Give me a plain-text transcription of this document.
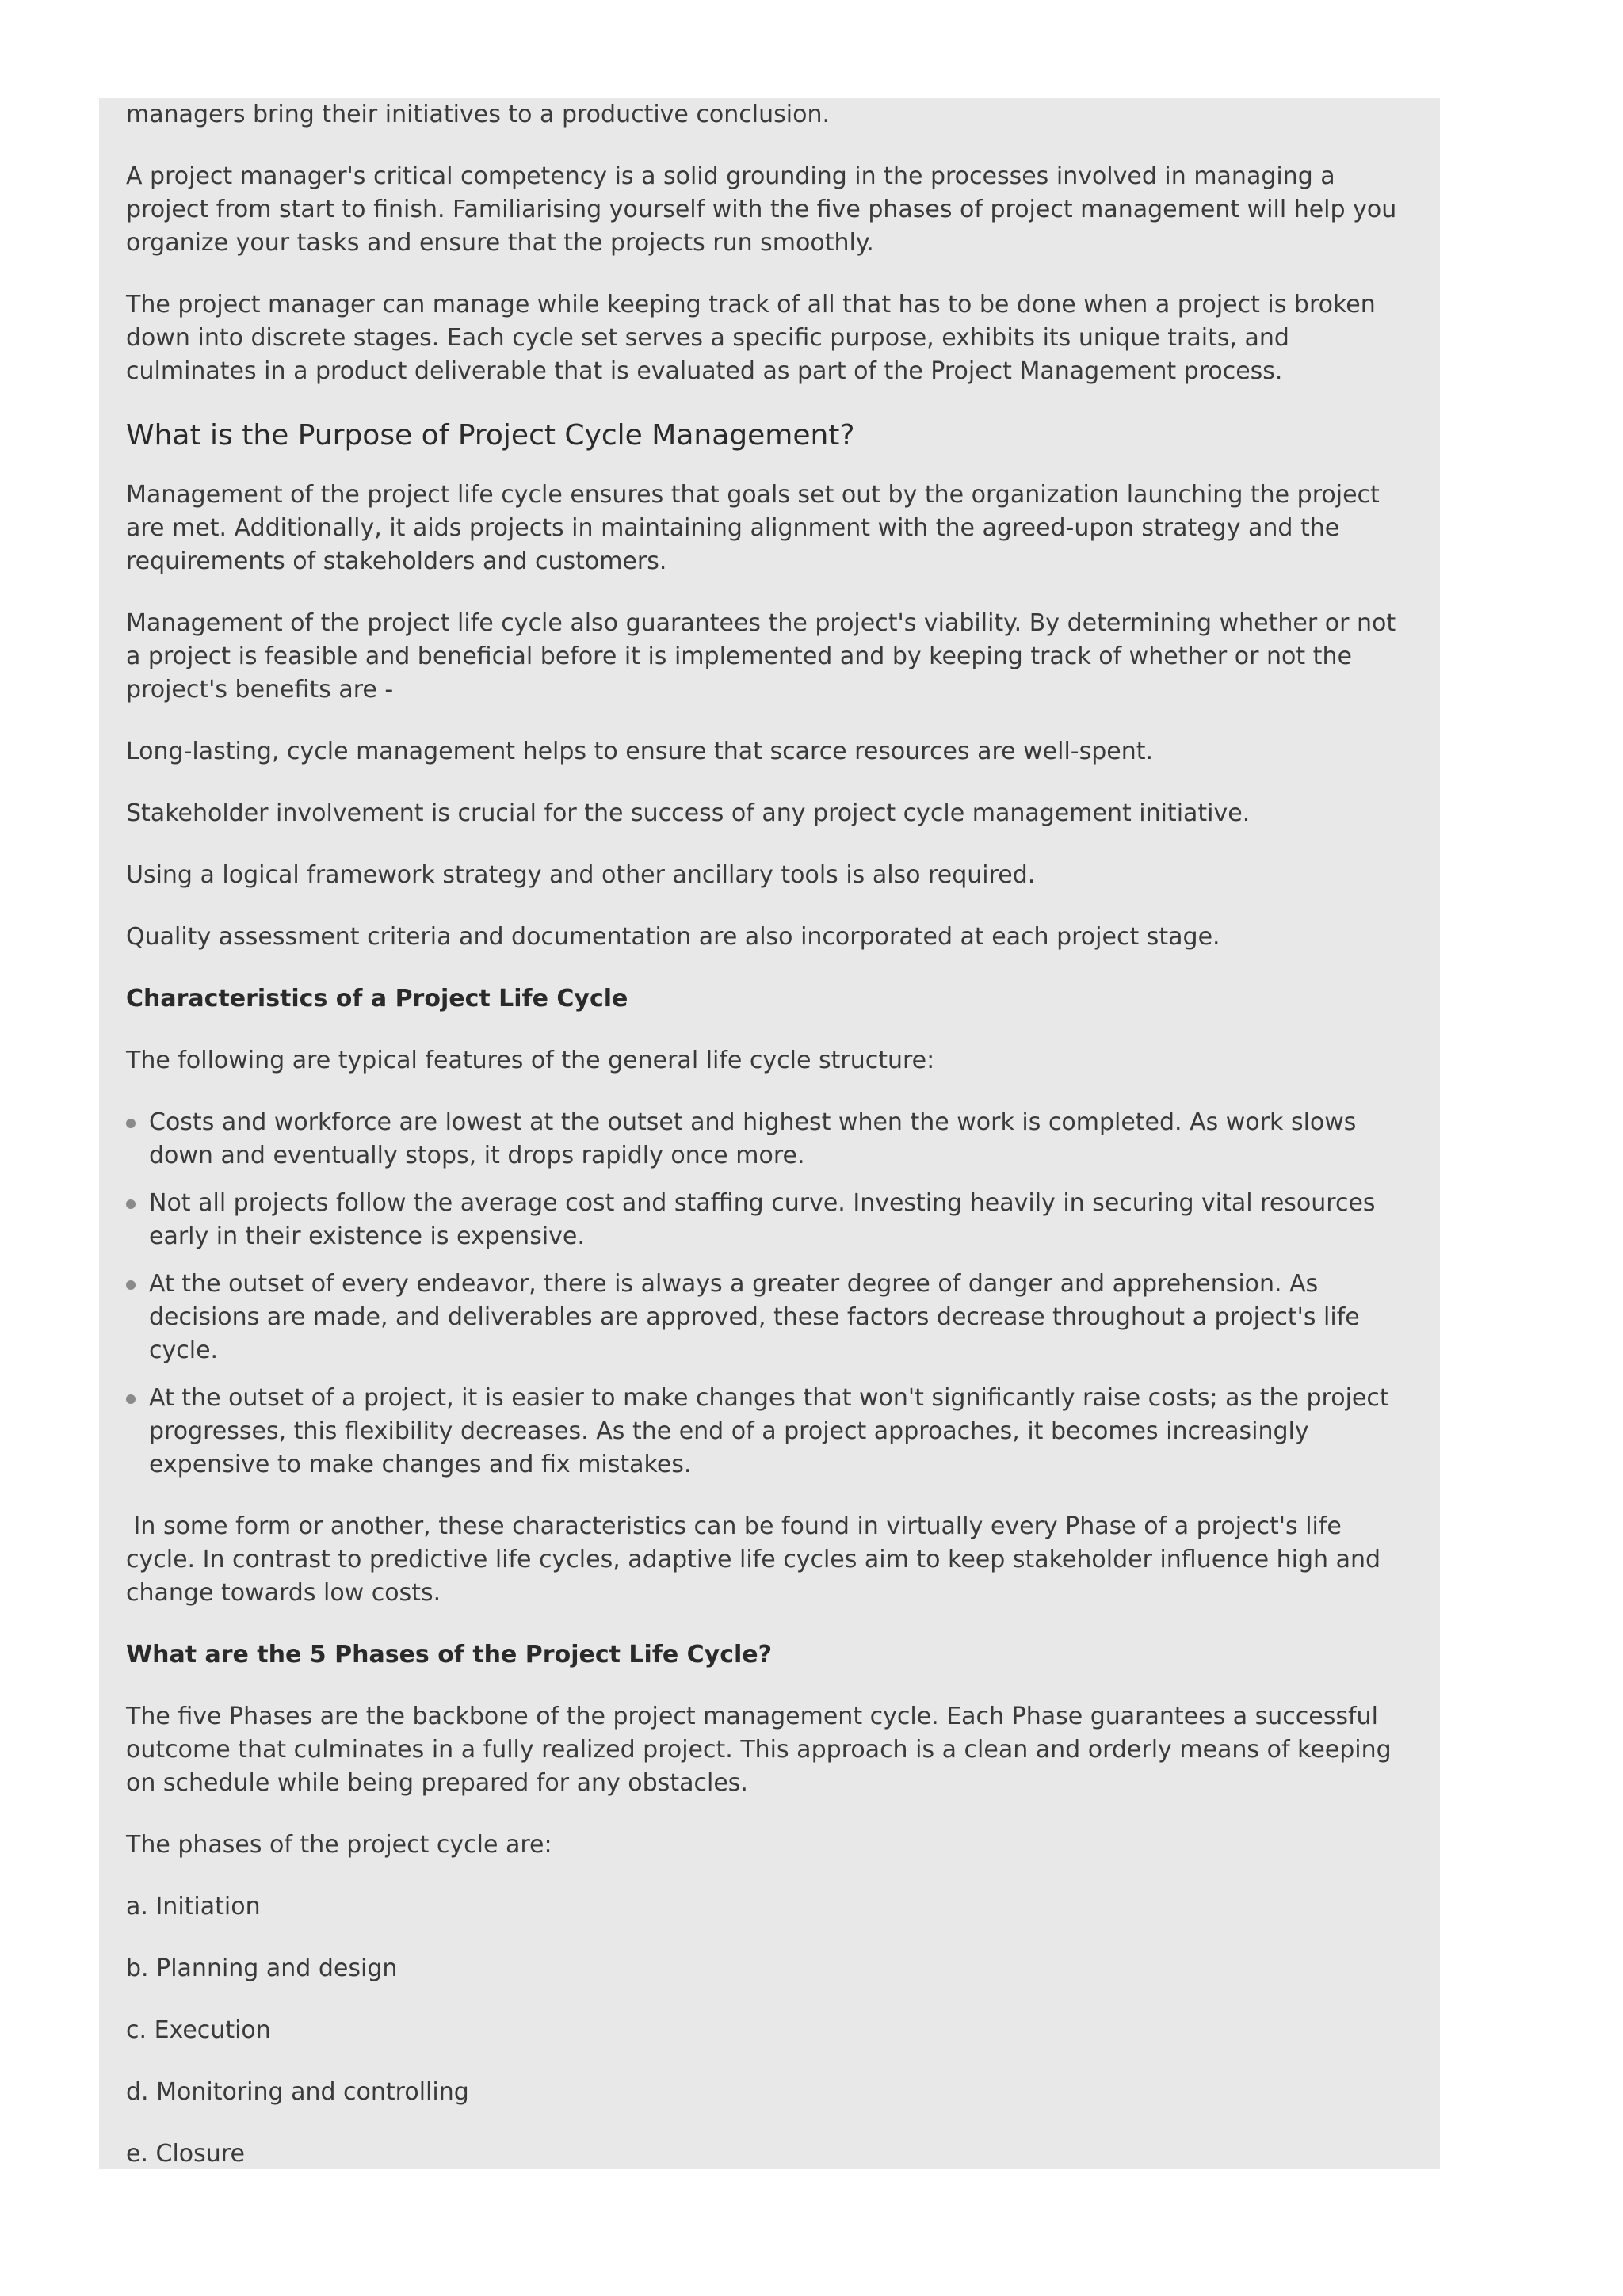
managers bring their initiatives to a productive conclusion.

A project manager's critical competency is a solid grounding in the processes involved in managing a project from start to finish. Familiarising yourself with the five phases of project management will help you organize your tasks and ensure that the projects run smoothly.

The project manager can manage while keeping track of all that has to be done when a project is broken down into discrete stages. Each cycle set serves a specific purpose, exhibits its unique traits, and culminates in a product deliverable that is evaluated as part of the Project Management process.

What is the Purpose of Project Cycle Management?

Management of the project life cycle ensures that goals set out by the organization launching the project are met. Additionally, it aids projects in maintaining alignment with the agreed-upon strategy and the requirements of stakeholders and customers.

Management of the project life cycle also guarantees the project's viability. By determining whether or not a project is feasible and beneficial before it is implemented and by keeping track of whether or not the project's benefits are -

Long-lasting, cycle management helps to ensure that scarce resources are well-spent.

Stakeholder involvement is crucial for the success of any project cycle management initiative.

Using a logical framework strategy and other ancillary tools is also required.

Quality assessment criteria and documentation are also incorporated at each project stage.

Characteristics of a Project Life Cycle

The following are typical features of the general life cycle structure:

Costs and workforce are lowest at the outset and highest when the work is completed. As work slows down and eventually stops, it drops rapidly once more.
Not all projects follow the average cost and staffing curve. Investing heavily in securing vital resources early in their existence is expensive.
At the outset of every endeavor, there is always a greater degree of danger and apprehension. As decisions are made, and deliverables are approved, these factors decrease throughout a project's life cycle.
At the outset of a project, it is easier to make changes that won't significantly raise costs; as the project progresses, this flexibility decreases. As the end of a project approaches, it becomes increasingly expensive to make changes and fix mistakes.

In some form or another, these characteristics can be found in virtually every Phase of a project's life cycle. In contrast to predictive life cycles, adaptive life cycles aim to keep stakeholder influence high and change towards low costs.

What are the 5 Phases of the Project Life Cycle?

The five Phases are the backbone of the project management cycle. Each Phase guarantees a successful outcome that culminates in a fully realized project. This approach is a clean and orderly means of keeping on schedule while being prepared for any obstacles.

The phases of the project cycle are:

a. Initiation

b. Planning and design

c. Execution

d. Monitoring and controlling

e. Closure
